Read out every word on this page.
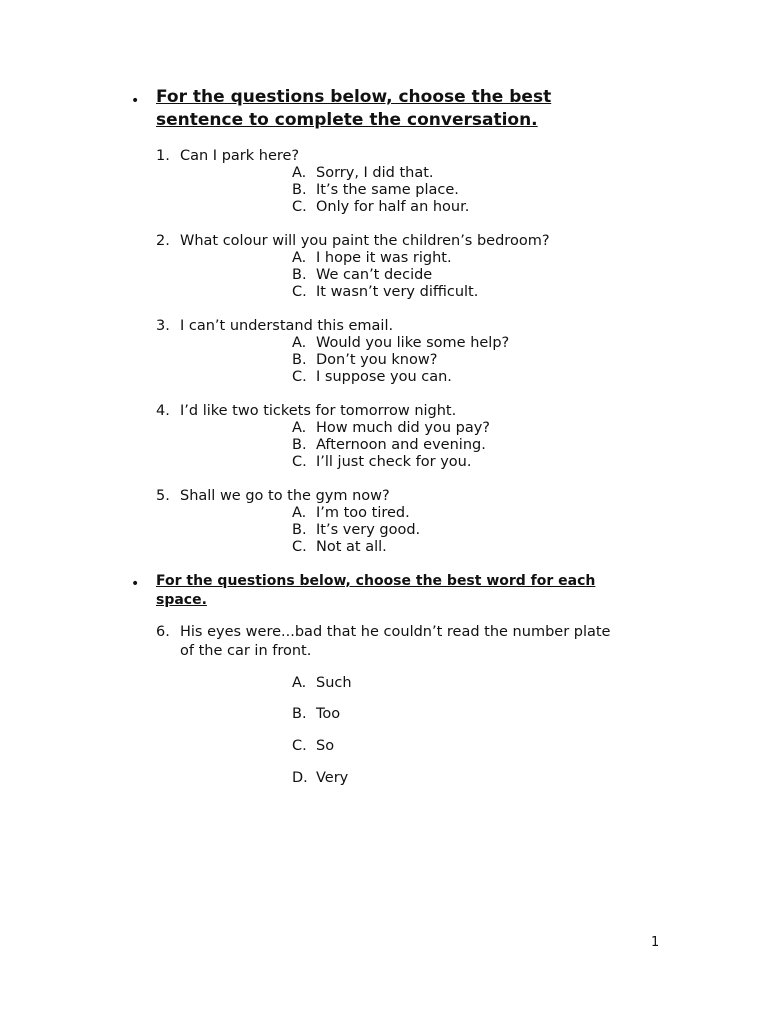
• For the questions below, choose the best
sentence to complete the conversation.
1. Can I park here?
A. Sorry, I did that.
B. It’s the same place.
C. Only for half an hour.
2. What colour will you paint the children’s bedroom?
A. I hope it was right.
B. We can’t decide
C. It wasn’t very difficult.
3. I can’t understand this email.
A. Would you like some help?
B. Don’t you know?
C. I suppose you can.
4. I’d like two tickets for tomorrow night.
A. How much did you pay?
B. Afternoon and evening.
C. I’ll just check for you.
5. Shall we go to the gym now?
A. I’m too tired.
B. It’s very good.
C. Not at all.
• For the questions below, choose the best word for each
space.
6. His eyes were...bad that he couldn’t read the number plate
of the car in front.
A. Such
B. Too
C. So
D. Very
1
